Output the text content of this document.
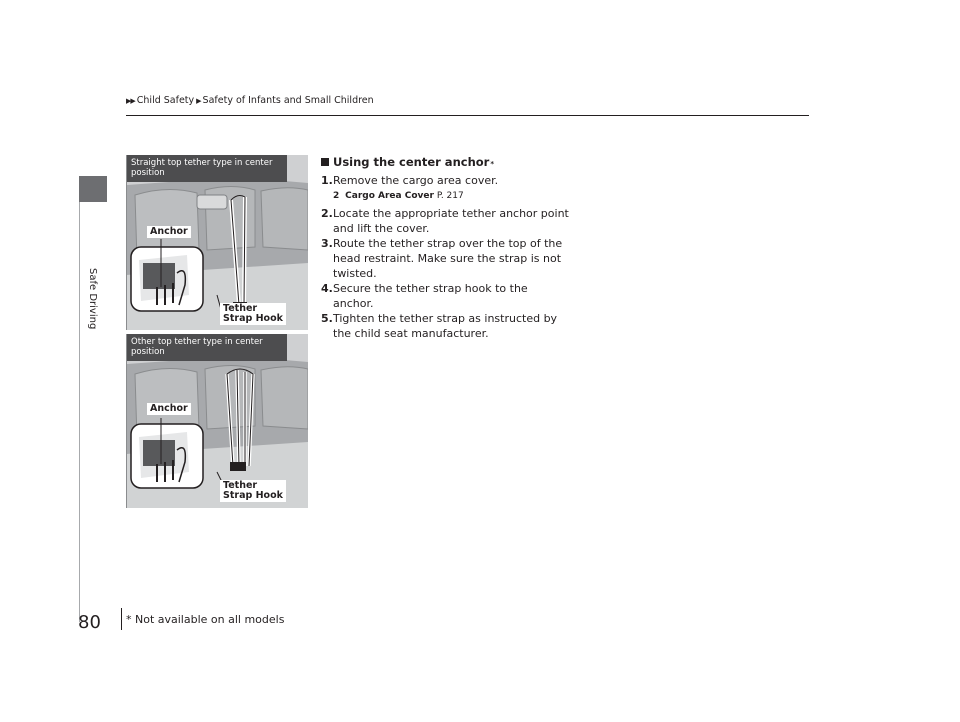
▶▶ Child Safety ▶ Safety of Infants and Small Children
Safe Driving
Straight top tether type in center position
Anchor
Tether Strap Hook
Other top tether type in center position
Anchor
Tether Strap Hook
Using the center anchor *
1. Remove the cargo area cover.
2 Cargo Area Cover P. 217
2. Locate the appropriate tether anchor point and lift the cover.
3. Route the tether strap over the top of the head restraint. Make sure the strap is not twisted.
4. Secure the tether strap hook to the anchor.
5. Tighten the tether strap as instructed by the child seat manufacturer.
80 * Not available on all models
